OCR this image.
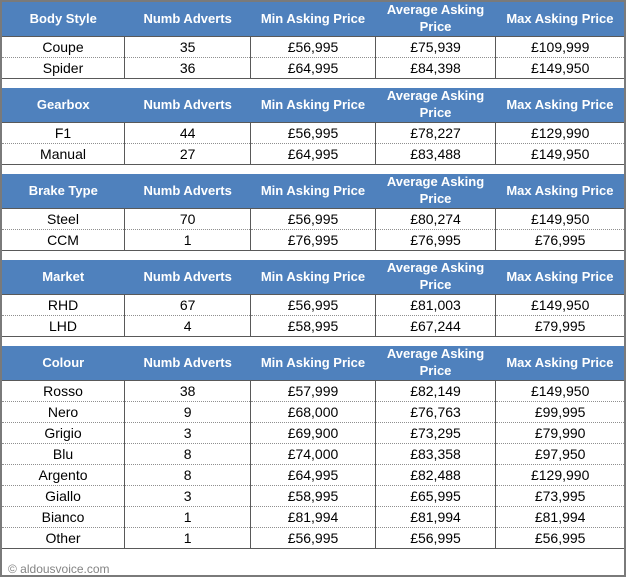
Body Style	Numb Adverts	Min Asking Price	Average Asking Price	Max Asking Price
Coupe	35	£56,995	£75,939	£109,999
Spider	36	£64,995	£84,398	£149,950
Gearbox	Numb Adverts	Min Asking Price	Average Asking Price	Max Asking Price
F1	44	£56,995	£78,227	£129,990
Manual	27	£64,995	£83,488	£149,950
Brake Type	Numb Adverts	Min Asking Price	Average Asking Price	Max Asking Price
Steel	70	£56,995	£80,274	£149,950
CCM	1	£76,995	£76,995	£76,995
Market	Numb Adverts	Min Asking Price	Average Asking Price	Max Asking Price
RHD	67	£56,995	£81,003	£149,950
LHD	4	£58,995	£67,244	£79,995
Colour	Numb Adverts	Min Asking Price	Average Asking Price	Max Asking Price
Rosso	38	£57,999	£82,149	£149,950
Nero	9	£68,000	£76,763	£99,995
Grigio	3	£69,900	£73,295	£79,990
Blu	8	£74,000	£83,358	£97,950
Argento	8	£64,995	£82,488	£129,990
Giallo	3	£58,995	£65,995	£73,995
Bianco	1	£81,994	£81,994	£81,994
Other	1	£56,995	£56,995	£56,995
© aldousvoice.com
